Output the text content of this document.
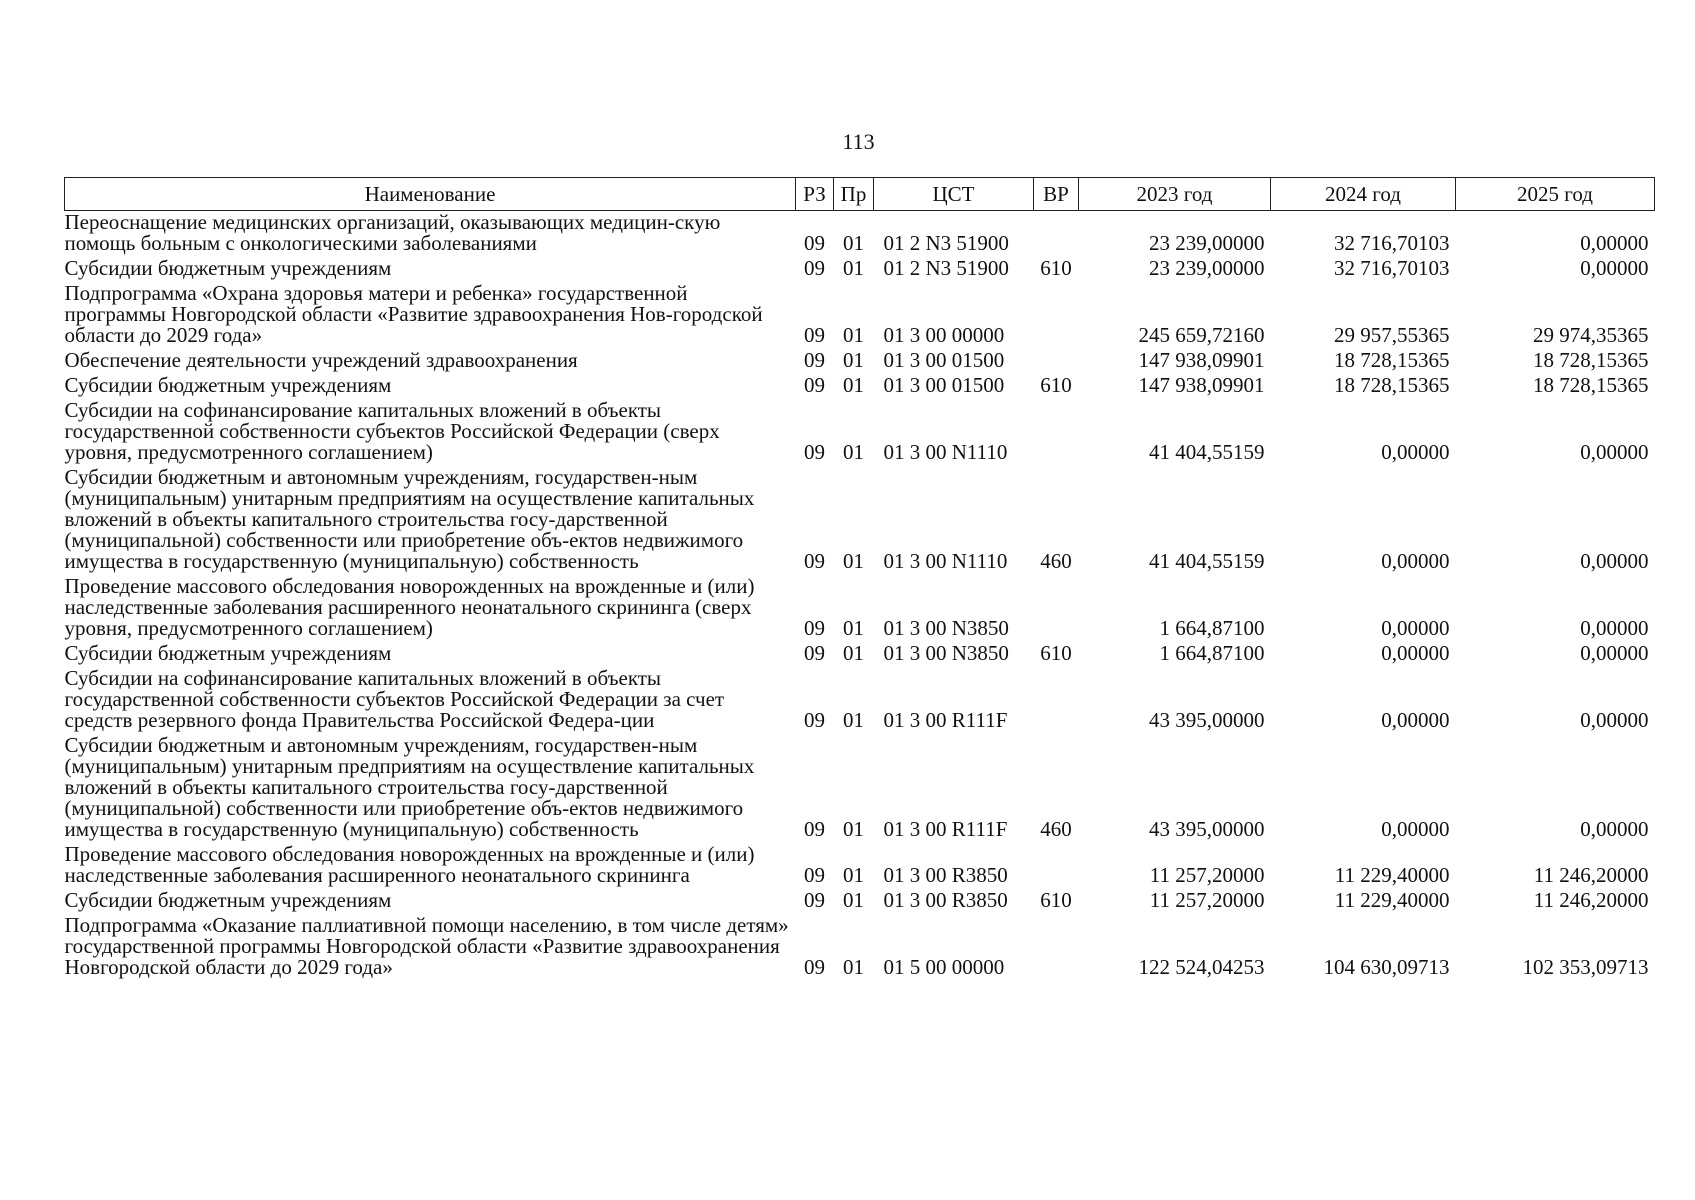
113
Наименование	РЗ	Пр	ЦСТ	ВР	2023 год	2024 год	2025 год
Переоснащение медицинских организаций, оказывающих медицин-скую помощь больным с онкологическими заболеваниями	09	01	01 2 N3 51900		23 239,00000	32 716,70103	0,00000
Субсидии бюджетным учреждениям	09	01	01 2 N3 51900	610	23 239,00000	32 716,70103	0,00000
Подпрограмма «Охрана здоровья матери и ребенка» государственной программы Новгородской области «Развитие здравоохранения Нов-городской области до 2029 года»	09	01	01 3 00 00000		245 659,72160	29 957,55365	29 974,35365
Обеспечение деятельности учреждений здравоохранения	09	01	01 3 00 01500		147 938,09901	18 728,15365	18 728,15365
Субсидии бюджетным учреждениям	09	01	01 3 00 01500	610	147 938,09901	18 728,15365	18 728,15365
Субсидии на софинансирование капитальных вложений в объекты государственной собственности субъектов Российской Федерации (сверх уровня, предусмотренного соглашением)	09	01	01 3 00 N1110		41 404,55159	0,00000	0,00000
Субсидии бюджетным и автономным учреждениям, государствен-ным (муниципальным) унитарным предприятиям на осуществление капитальных вложений в объекты капитального строительства госу-дарственной (муниципальной) собственности или приобретение объ-ектов недвижимого имущества в государственную (муниципальную) собственность	09	01	01 3 00 N1110	460	41 404,55159	0,00000	0,00000
Проведение массового обследования новорожденных на врожденные и (или) наследственные заболевания расширенного неонатального скрининга (сверх уровня, предусмотренного соглашением)	09	01	01 3 00 N3850		1 664,87100	0,00000	0,00000
Субсидии бюджетным учреждениям	09	01	01 3 00 N3850	610	1 664,87100	0,00000	0,00000
Субсидии на софинансирование капитальных вложений в объекты государственной собственности субъектов Российской Федерации за счет средств резервного фонда Правительства Российской Федера-ции	09	01	01 3 00 R111F		43 395,00000	0,00000	0,00000
Субсидии бюджетным и автономным учреждениям, государствен-ным (муниципальным) унитарным предприятиям на осуществление капитальных вложений в объекты капитального строительства госу-дарственной (муниципальной) собственности или приобретение объ-ектов недвижимого имущества в государственную (муниципальную) собственность	09	01	01 3 00 R111F	460	43 395,00000	0,00000	0,00000
Проведение массового обследования новорожденных на врожденные и (или) наследственные заболевания расширенного неонатального скрининга	09	01	01 3 00 R3850		11 257,20000	11 229,40000	11 246,20000
Субсидии бюджетным учреждениям	09	01	01 3 00 R3850	610	11 257,20000	11 229,40000	11 246,20000
Подпрограмма «Оказание паллиативной помощи населению, в том числе детям» государственной программы Новгородской области «Развитие здравоохранения Новгородской области до 2029 года»	09	01	01 5 00 00000		122 524,04253	104 630,09713	102 353,09713
